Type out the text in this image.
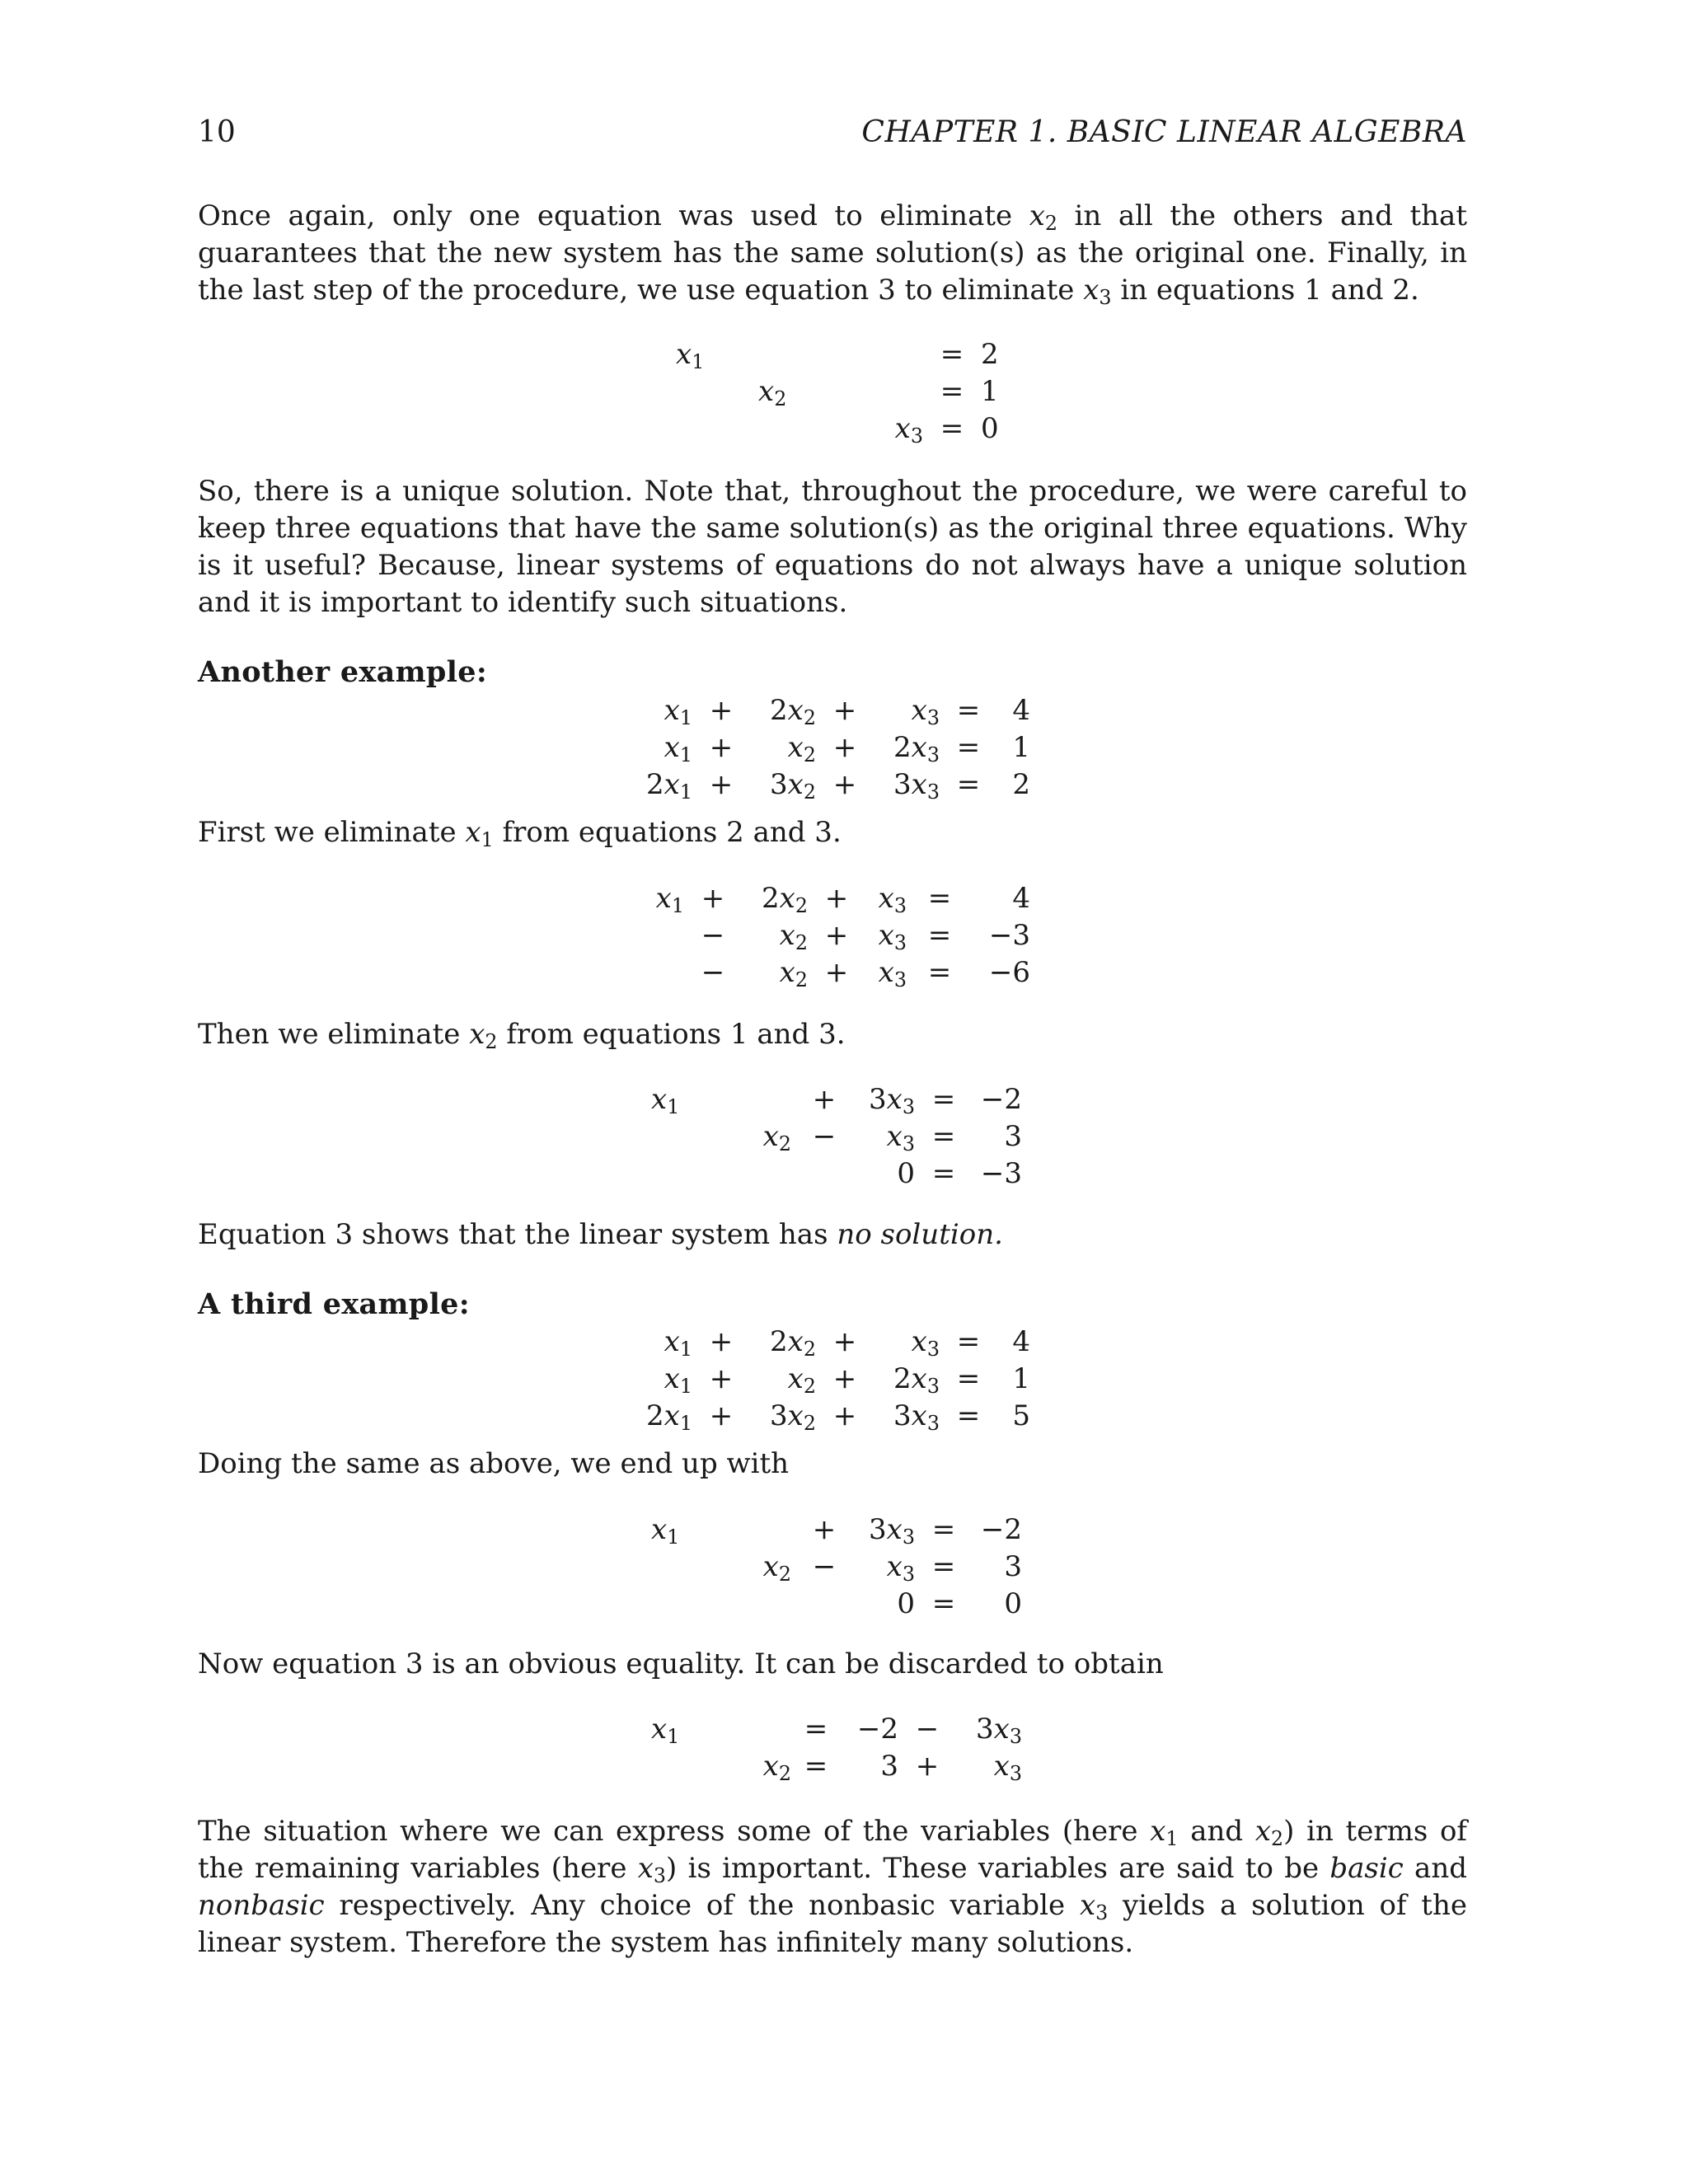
10	CHAPTER 1. BASIC LINEAR ALGEBRA
Once again, only one equation was used to eliminate $x_2$ in all the others and that guarantees that the new system has the same solution(s) as the original one. Finally, in the last step of the procedure, we use equation 3 to eliminate $x_3$ in equations 1 and 2.
$x_1$			=	2
	$x_2$		=	1
		$x_3$	=	0
So, there is a unique solution. Note that, throughout the procedure, we were careful to keep three equations that have the same solution(s) as the original three equations. Why is it useful? Because, linear systems of equations do not always have a unique solution and it is important to identify such situations.
Another example:
$x_1$	+	$2x_2$	+	$x_3$	=	4
$x_1$	+	$x_2$	+	$2x_3$	=	1
$2x_1$	+	$3x_2$	+	$3x_3$	=	2
First we eliminate $x_1$ from equations 2 and 3.
$x_1$	+	$2x_2$	+	$x_3$	=	4
	−	$x_2$	+	$x_3$	=	−3
	−	$x_2$	+	$x_3$	=	−6
Then we eliminate $x_2$ from equations 1 and 3.
$x_1$		+	$3x_3$	=	−2
	$x_2$	−	$x_3$	=	3
			0	=	−3
Equation 3 shows that the linear system has no solution.
A third example:
$x_1$	+	$2x_2$	+	$x_3$	=	4
$x_1$	+	$x_2$	+	$2x_3$	=	1
$2x_1$	+	$3x_2$	+	$3x_3$	=	5
Doing the same as above, we end up with
$x_1$		+	$3x_3$	=	−2
	$x_2$	−	$x_3$	=	3
			0	=	0
Now equation 3 is an obvious equality. It can be discarded to obtain
$x_1$		=	−2	−	$3x_3$
	$x_2$	=	3	+	$x_3$
The situation where we can express some of the variables (here $x_1$ and $x_2$) in terms of the remaining variables (here $x_3$) is important. These variables are said to be basic and nonbasic respectively. Any choice of the nonbasic variable $x_3$ yields a solution of the linear system. Therefore the system has infinitely many solutions.
